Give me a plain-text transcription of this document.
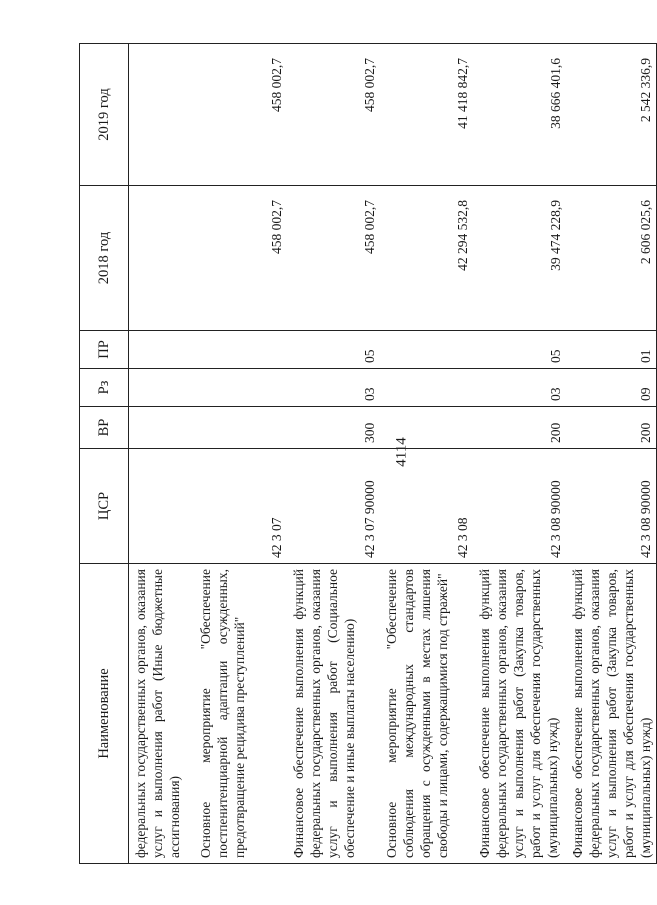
4114
Наименование	ЦСР	ВР	Рз	ПР	2018 год	2019 год
федеральных государственных органов, оказания услуг и выполнения работ (Иные бюджетные ассигнования)						
Основное мероприятие "Обеспечение постпенитенциарной адаптации осужденных, предотвращение рецидива преступлений"	42 3 07				458 002,7	458 002,7
Финансовое обеспечение выполнения функций федеральных государственных органов, оказания услуг и выполнения работ (Социальное обеспечение и иные выплаты населению)	42 3 07 90000	300	03	05	458 002,7	458 002,7
Основное мероприятие "Обеспечение соблюдения международных стандартов обращения с осужденными в местах лишения свободы и лицами, содержащимися под стражей"	42 3 08				42 294 532,8	41 418 842,7
Финансовое обеспечение выполнения функций федеральных государственных органов, оказания услуг и выполнения работ (Закупка товаров, работ и услуг для обеспечения государственных (муниципальных) нужд)	42 3 08 90000	200	03	05	39 474 228,9	38 666 401,6
Финансовое обеспечение выполнения функций федеральных государственных органов, оказания услуг и выполнения работ (Закупка товаров, работ и услуг для обеспечения государственных (муниципальных) нужд)	42 3 08 90000	200	09	01	2 606 025,6	2 542 336,9
